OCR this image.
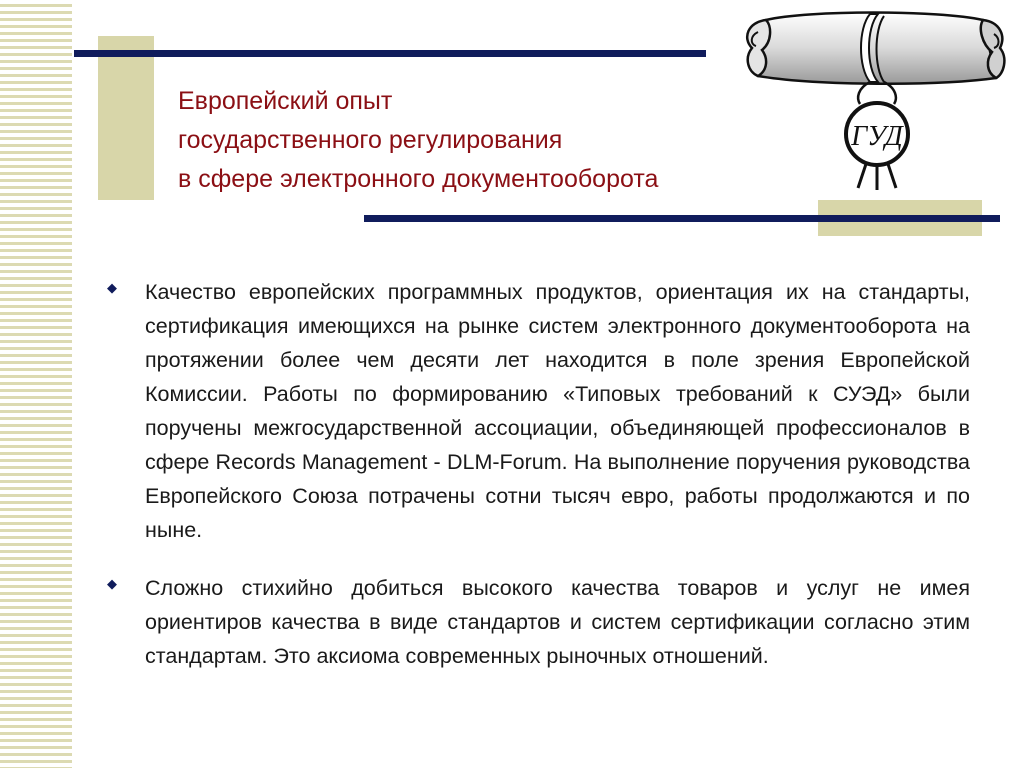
Европейский опыт
государственного регулирования
в сфере электронного документооборота
ГУД
◆ Качество европейских программных продуктов, ориентация их на стандарты, сертификация имеющихся на рынке систем электронного документооборота на протяжении более чем десяти лет находится в поле зрения Европейской Комиссии. Работы по формированию «Типовых требований к СУЭД» были поручены межгосударственной ассоциации, объединяющей профессионалов в сфере Records Management - DLM-Forum. На выполнение поручения руководства Европейского Союза потрачены сотни тысяч евро, работы продолжаются и по ныне.
◆ Сложно стихийно добиться высокого качества товаров и услуг не имея ориентиров качества в виде стандартов и систем сертификации согласно этим стандартам. Это аксиома современных рыночных отношений.
